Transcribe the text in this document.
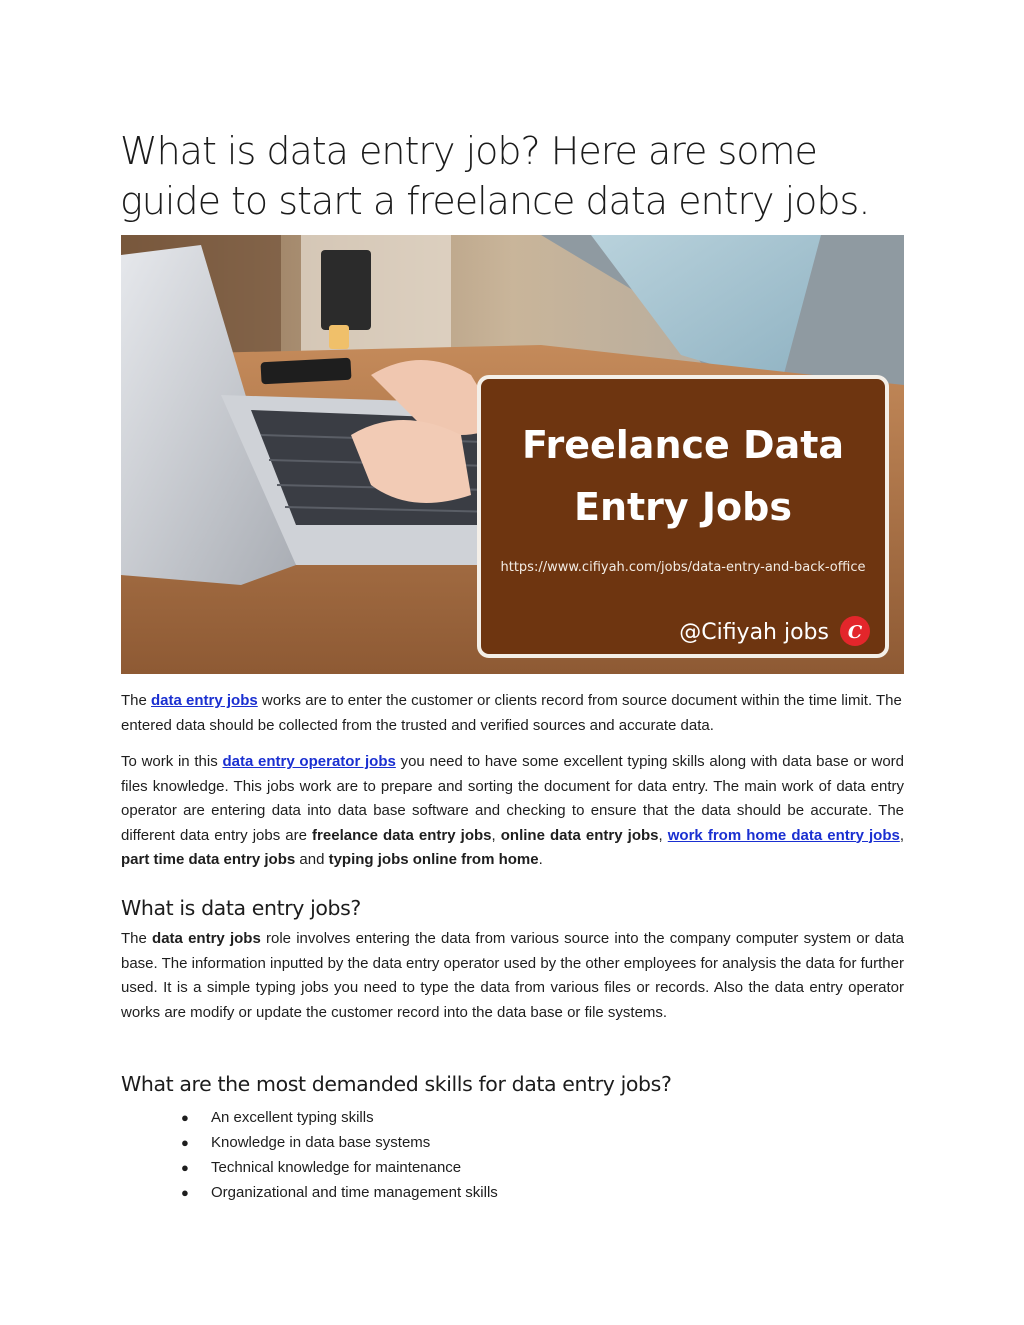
What is data entry job? Here are some guide to start a freelance data entry jobs.
Freelance Data
Entry Jobs
https://www.cifiyah.com/jobs/data-entry-and-back-office
@Cifiyah jobs C

The data entry jobs works are to enter the customer or clients record from source document within the time limit. The entered data should be collected from the trusted and verified sources and accurate data.

To work in this data entry operator jobs you need to have some excellent typing skills along with data base or word files knowledge. This jobs work are to prepare and sorting the document for data entry. The main work of data entry operator are entering data into data base software and checking to ensure that the data should be accurate. The different data entry jobs are freelance data entry jobs, online data entry jobs, work from home data entry jobs, part time data entry jobs and typing jobs online from home.

What is data entry jobs?

The data entry jobs role involves entering the data from various source into the company computer system or data base. The information inputted by the data entry operator used by the other employees for analysis the data for further used. It is a simple typing jobs you need to type the data from various files or records. Also the data entry operator works are modify or update the customer record into the data base or file systems.

What are the most demanded skills for data entry jobs?
● An excellent typing skills
● Knowledge in data base systems
● Technical knowledge for maintenance
● Organizational and time management skills
